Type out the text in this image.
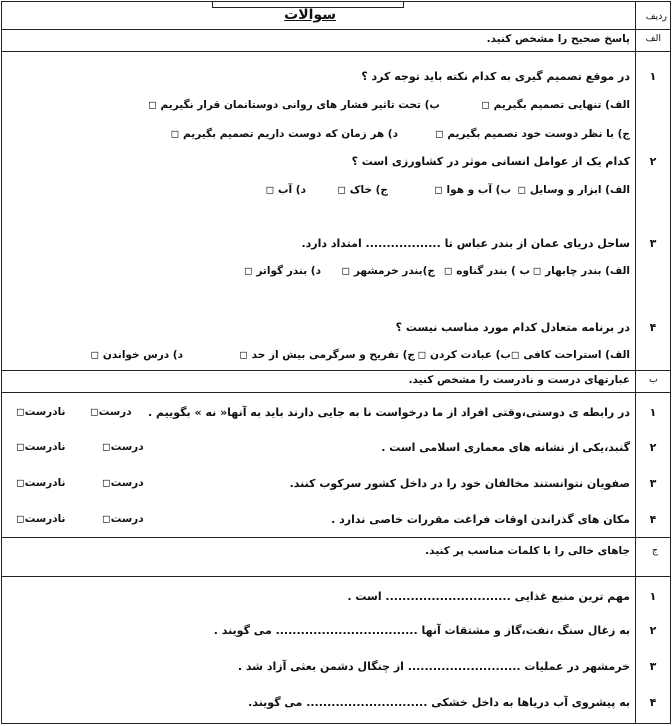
ردیف
سوالات
الف
پاسخ صحیح را مشخص کنید.
۱
۲
۳
۴
در موقع تصمیم گیری به کدام نکته باید توجه کرد ؟
الف) تنهایی تصمیم بگیریم ◻
ب) تحت تاثیر فشار های روانی دوستانمان قرار نگیریم ◻
ج) با نظر دوست خود تصمیم بگیریم ◻
د) هر زمان که دوست داریم تصمیم بگیریم ◻
کدام یک از عوامل انسانی موثر در کشاورزی است ؟
الف) ابزار و وسایل ◻
ب) آب و هوا ◻
ج) خاک ◻
د) آب ◻
ساحل دریای عمان از بندر عباس تا .................. امتداد دارد.
الف) بندر چابهار ◻
ب ) بندر گناوه ◻
ج)بندر خرمشهر ◻
د) بندر گواتر ◻
در برنامه متعادل کدام مورد مناسب نیست ؟
الف) استراحت کافی ◻
ب) عبادت کردن ◻
ج) تفریح و سرگرمی بیش از حد ◻
د) درس خواندن ◻
ب
عبارتهای درست و نادرست را مشخص کنید.
۱
۲
۳
۴
در رابطه ی دوستی،وقتی افراد از ما درخواست نا به جایی دارند باید به آنها« نه » بگوییم .
درست◻
نادرست◻
گنبد،یکی از نشانه های معماری اسلامی است .
درست◻
نادرست◻
صفویان نتوانستند مخالفان خود را در داخل کشور سرکوب کنند.
درست◻
نادرست◻
مکان های گذراندن اوقات فراغت مقررات خاصی ندارد .
درست◻
نادرست◻
ج
جاهای خالی را با کلمات مناسب پر کنید.
۱
۲
۳
۴
مهم ترین منبع غذایی .............................. است .
به زغال سنگ ،نفت،گاز و مشتقات آنها .................................. می گویند .
خرمشهر در عملیات ........................... از چنگال دشمن بعثی آزاد شد .
به پیشروی آب دریاها به داخل خشکی ............................. می گویند.
